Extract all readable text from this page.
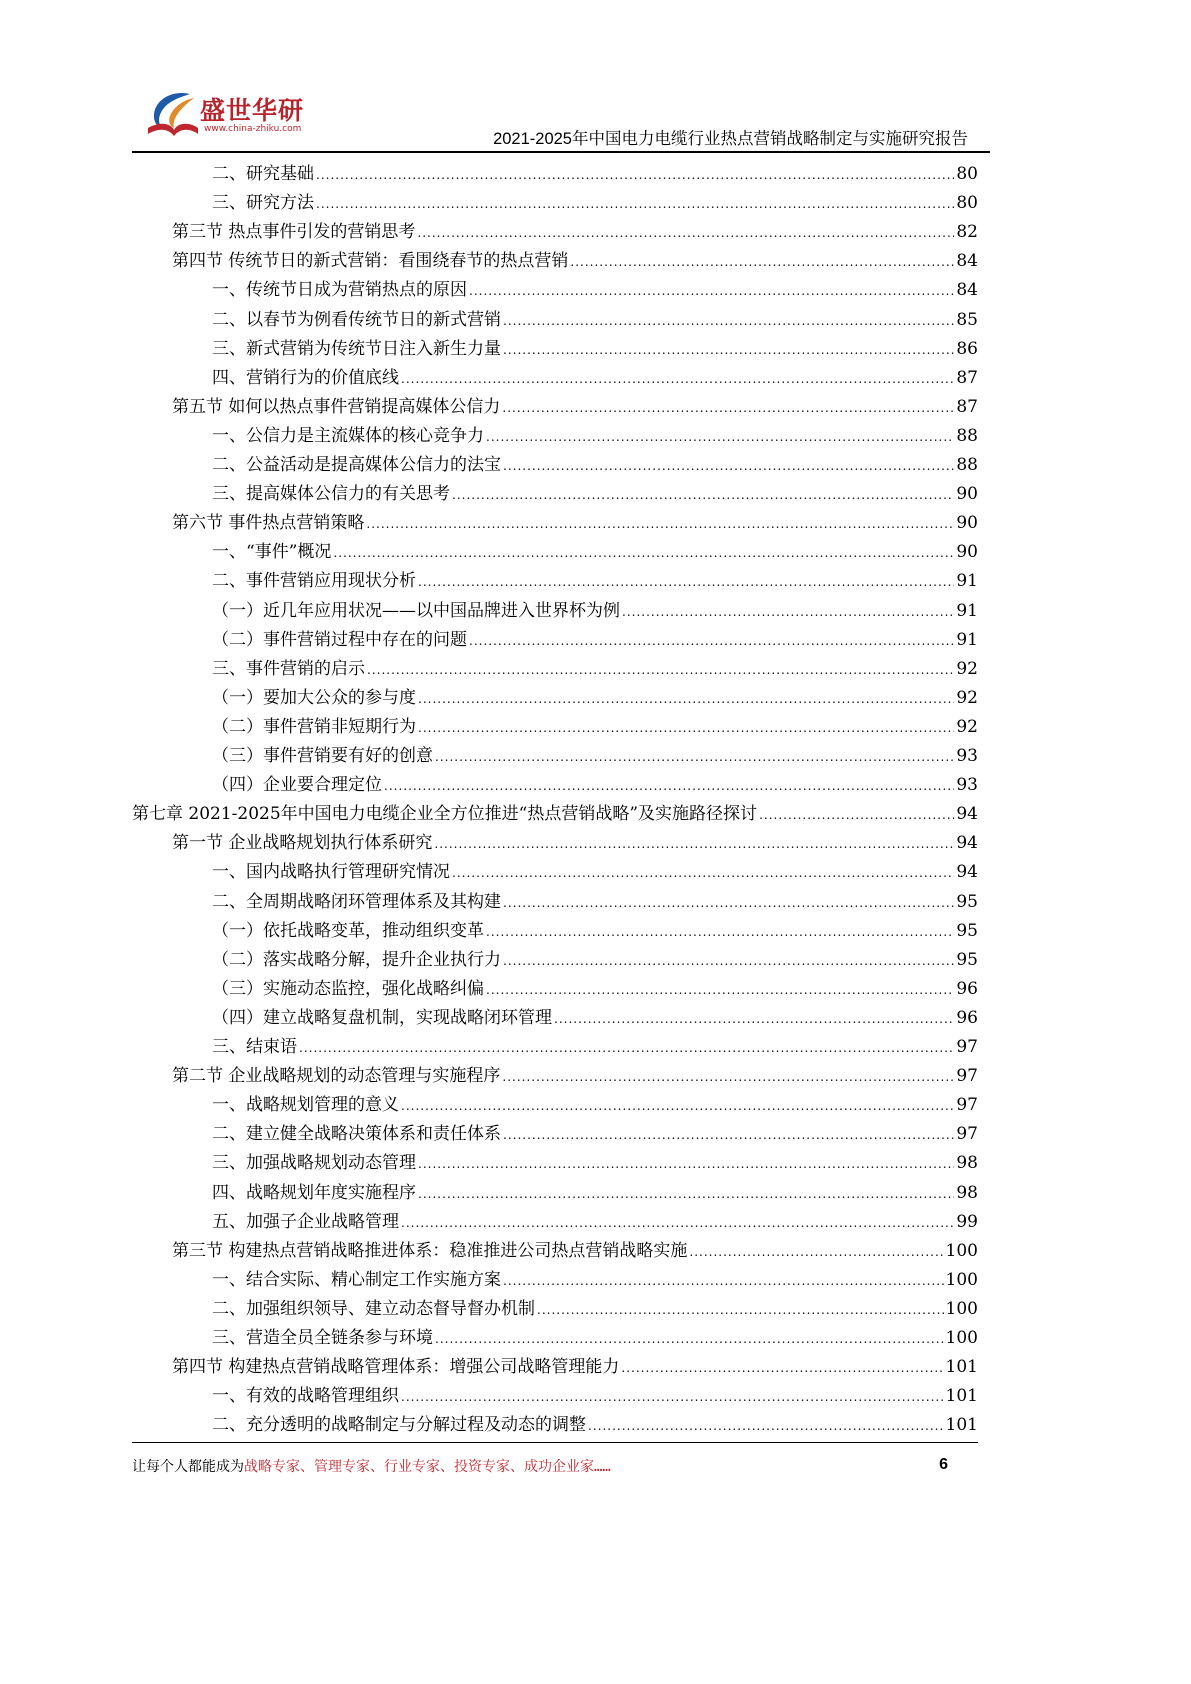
盛世华研
www.china-zhiku.com
2021-2025年中国电力电缆行业热点营销战略制定与实施研究报告
二、研究基础 .....	80
三、研究方法 .....	80
第三节 热点事件引发的营销思考 .....	82
第四节 传统节日的新式营销：看围绕春节的热点营销 .....	84
一、传统节日成为营销热点的原因 .....	84
二、以春节为例看传统节日的新式营销 .....	85
三、新式营销为传统节日注入新生力量 .....	86
四、营销行为的价值底线 .....	87
第五节 如何以热点事件营销提高媒体公信力 .....	87
一、公信力是主流媒体的核心竞争力 .....	88
二、公益活动是提高媒体公信力的法宝 .....	88
三、提高媒体公信力的有关思考 .....	90
第六节 事件热点营销策略 .....	90
一、“事件”概况 .....	90
二、事件营销应用现状分析 .....	91
（一）近几年应用状况——以中国品牌进入世界杯为例 .....	91
（二）事件营销过程中存在的问题 .....	91
三、事件营销的启示 .....	92
（一）要加大公众的参与度 .....	92
（二）事件营销非短期行为 .....	92
（三）事件营销要有好的创意 .....	93
（四）企业要合理定位 .....	93
第七章 2021-2025年中国电力电缆企业全方位推进“热点营销战略”及实施路径探讨 .....	94
第一节 企业战略规划执行体系研究 .....	94
一、国内战略执行管理研究情况 .....	94
二、全周期战略闭环管理体系及其构建 .....	95
（一）依托战略变革，推动组织变革 .....	95
（二）落实战略分解，提升企业执行力 .....	95
（三）实施动态监控，强化战略纠偏 .....	96
（四）建立战略复盘机制，实现战略闭环管理 .....	96
三、结束语 .....	97
第二节 企业战略规划的动态管理与实施程序 .....	97
一、战略规划管理的意义 .....	97
二、建立健全战略决策体系和责任体系 .....	97
三、加强战略规划动态管理 .....	98
四、战略规划年度实施程序 .....	98
五、加强子企业战略管理 .....	99
第三节 构建热点营销战略推进体系：稳准推进公司热点营销战略实施 .....	100
一、结合实际、精心制定工作实施方案 .....	100
二、加强组织领导、建立动态督导督办机制 .....	100
三、营造全员全链条参与环境 .....	100
第四节 构建热点营销战略管理体系：增强公司战略管理能力 .....	101
一、有效的战略管理组织 .....	101
二、充分透明的战略制定与分解过程及动态的调整 .....	101
让每个人都能成为战略专家、管理专家、行业专家、投资专家、成功企业家……	6
